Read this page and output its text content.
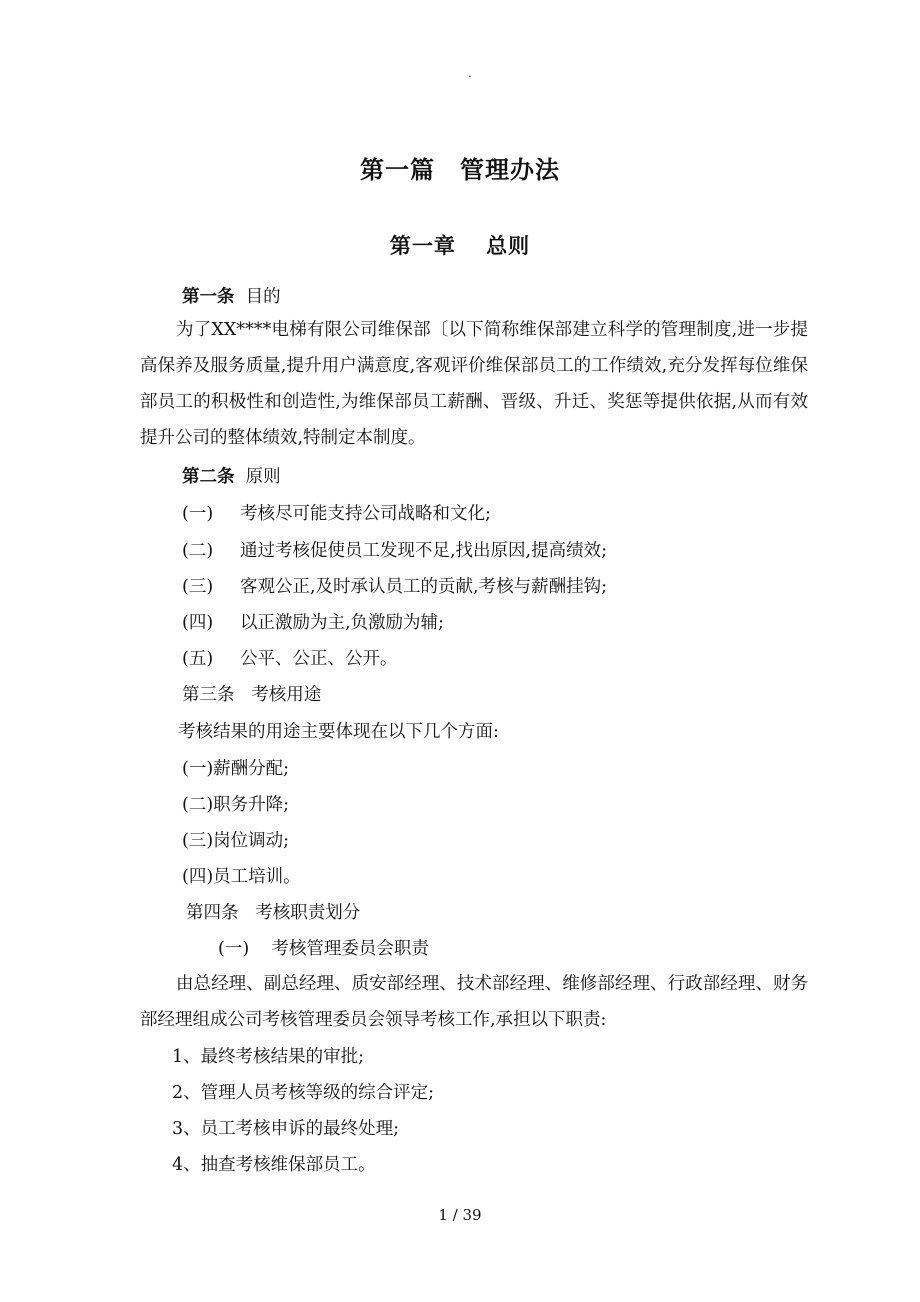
.
第一篇　管理办法
第一章　 总则
第一条 目的
为了XX****电梯有限公司维保部〔以下简称维保部建立科学的管理制度,进一步提高保养及服务质量,提升用户满意度,客观评价维保部员工的工作绩效,充分发挥每位维保部员工的积极性和创造性,为维保部员工薪酬、晋级、升迁、奖惩等提供依据,从而有效提升公司的整体绩效,特制定本制度。
第二条 原则
(一) 考核尽可能支持公司战略和文化;
(二) 通过考核促使员工发现不足,找出原因,提高绩效;
(三) 客观公正,及时承认员工的贡献,考核与薪酬挂钩;
(四) 以正激励为主,负激励为辅;
(五) 公平、公正、公开。
第三条 考核用途
考核结果的用途主要体现在以下几个方面:
(一)薪酬分配;
(二)职务升降;
(三)岗位调动;
(四)员工培训。
第四条 考核职责划分
(一) 考核管理委员会职责
由总经理、副总经理、质安部经理、技术部经理、维修部经理、行政部经理、财务部经理组成公司考核管理委员会领导考核工作,承担以下职责:
1、最终考核结果的审批;
2、管理人员考核等级的综合评定;
3、员工考核申诉的最终处理;
4、抽查考核维保部员工。
1 / 39
